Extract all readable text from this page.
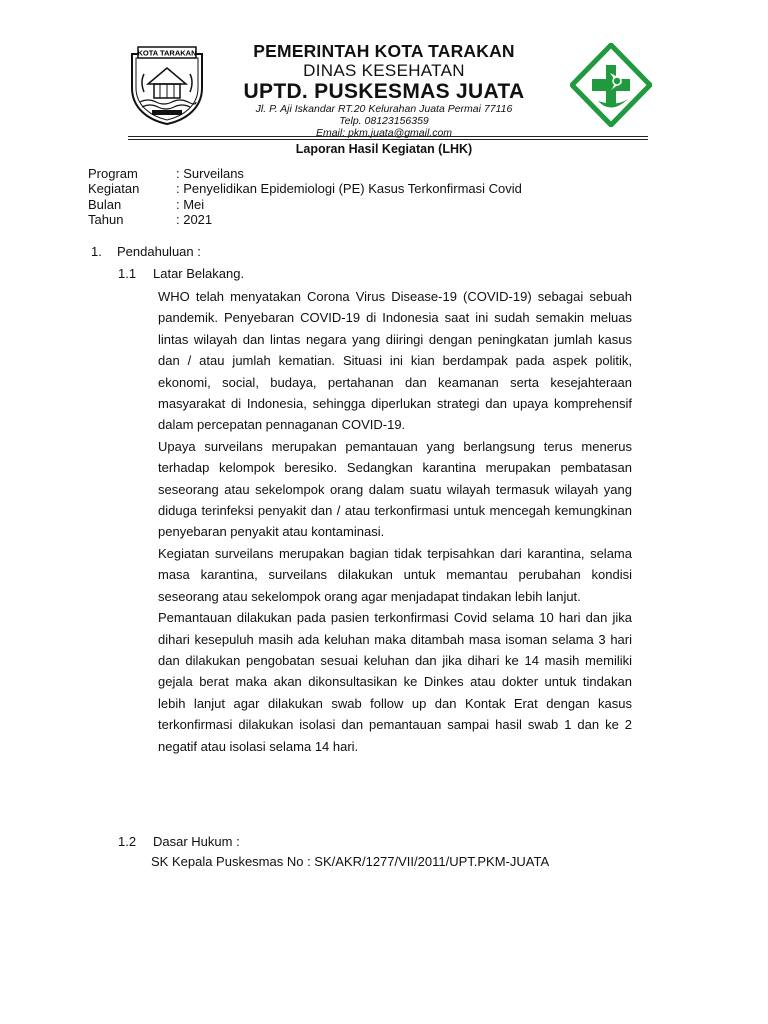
KOTA TARAKAN	PEMERINTAH KOTA TARAKAN
DINAS KESEHATAN
UPTD. PUSKESMAS JUATA
Jl. P. Aji Iskandar RT.20 Kelurahan Juata Permai 77116
Telp. 08123156359
Email: pkm.juata@gmail.com
Laporan Hasil Kegiatan (LHK)
Program	: Surveilans
Kegiatan	: Penyelidikan Epidemiologi (PE) Kasus Terkonfirmasi Covid
Bulan	: Mei
Tahun	: 2021
1.	Pendahuluan :
1.1	Latar Belakang.

WHO telah menyatakan Corona Virus Disease-19 (COVID-19) sebagai sebuah pandemik. Penyebaran COVID-19 di Indonesia saat ini sudah semakin meluas lintas wilayah dan lintas negara yang diiringi dengan peningkatan jumlah kasus dan / atau jumlah kematian. Situasi ini kian berdampak pada aspek politik, ekonomi, social, budaya, pertahanan dan keamanan serta kesejahteraan masyarakat di Indonesia, sehingga diperlukan strategi dan upaya komprehensif dalam percepatan pennaganan COVID-19.

Upaya surveilans merupakan pemantauan yang berlangsung terus menerus terhadap kelompok beresiko. Sedangkan karantina merupakan pembatasan seseorang atau sekelompok orang dalam suatu wilayah termasuk wilayah yang diduga terinfeksi penyakit dan / atau terkonfirmasi untuk mencegah kemungkinan penyebaran penyakit atau kontaminasi.

Kegiatan surveilans merupakan bagian tidak terpisahkan dari karantina, selama masa karantina, surveilans dilakukan untuk memantau perubahan kondisi seseorang atau sekelompok orang agar menjadapat tindakan lebih lanjut.

Pemantauan dilakukan pada pasien terkonfirmasi Covid selama 10 hari dan jika dihari kesepuluh masih ada keluhan maka ditambah masa isoman selama 3 hari dan dilakukan pengobatan sesuai keluhan dan jika dihari ke 14 masih memiliki gejala berat maka akan dikonsultasikan ke Dinkes atau dokter untuk tindakan lebih lanjut agar dilakukan swab follow up dan Kontak Erat dengan kasus terkonfirmasi dilakukan isolasi dan pemantauan sampai hasil swab 1 dan ke 2 negatif atau isolasi selama 14 hari.

1.2	Dasar Hukum :
SK Kepala Puskesmas No : SK/AKR/1277/VII/2011/UPT.PKM-JUATA
